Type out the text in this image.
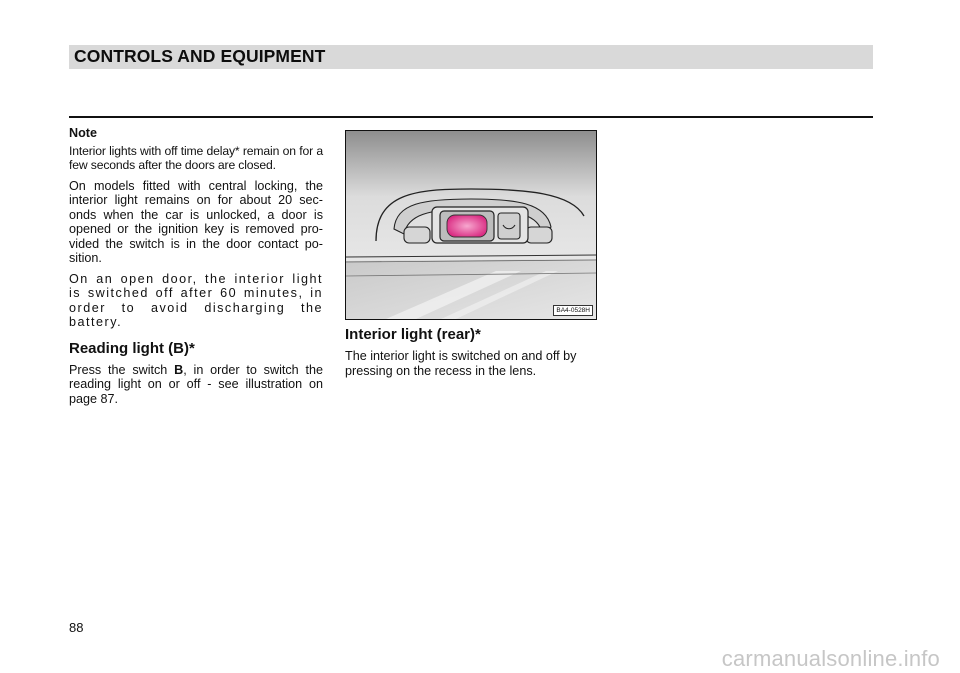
CONTROLS AND EQUIPMENT
Note

Interior lights with off time delay* remain on for a few seconds after the doors are closed.

On models fitted with central locking, the interior light remains on for about 20 sec-onds when the car is unlocked, a door is opened or the ignition key is removed pro-vided the switch is in the door contact po-sition.

On an open door, the interior light is switched off after 60 minutes, in order to avoid discharging the battery.

Reading light (B)*

Press the switch B, in order to switch the reading light on or off - see illustration on page 87.

BA4-0528H
Interior light (rear)*

The interior light is switched on and off by pressing on the recess in the lens.

88
carmanualsonline.info
